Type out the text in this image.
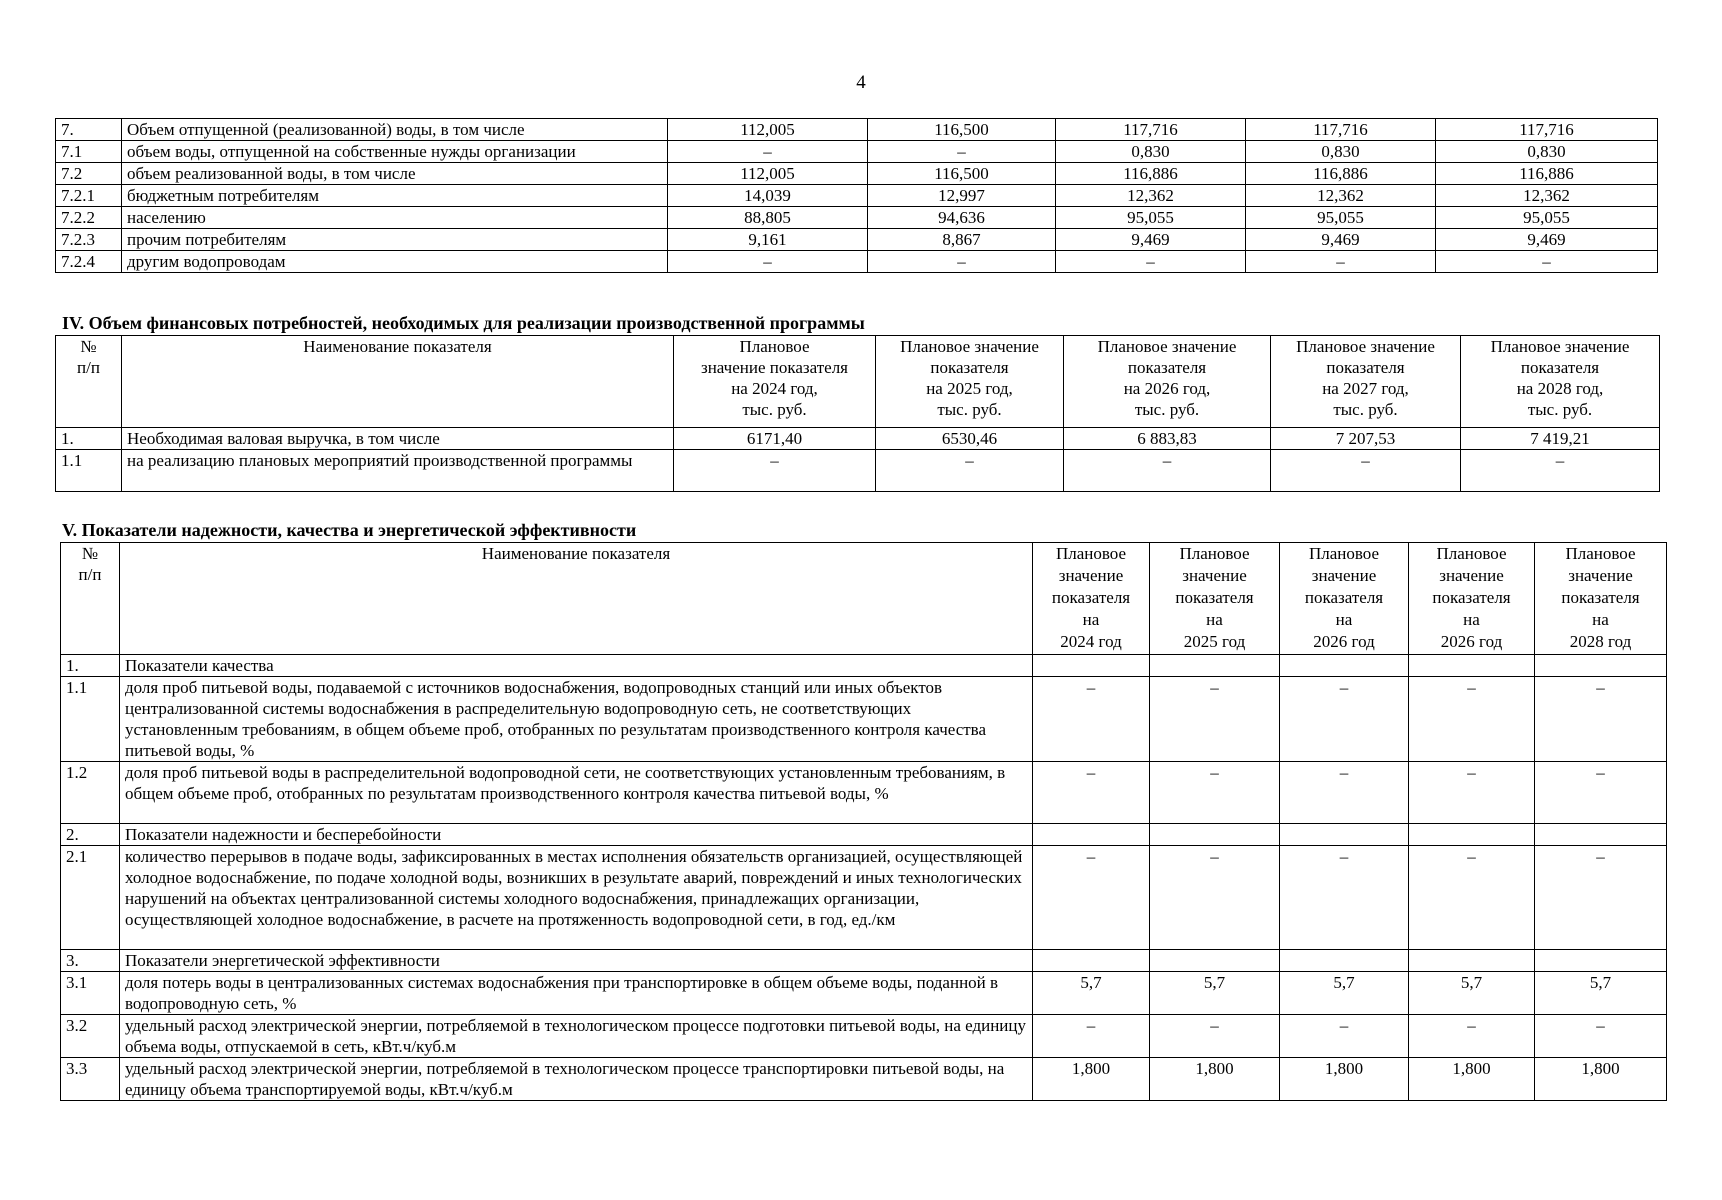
4
7.	Объем отпущенной (реализованной) воды, в том числе	112,005	116,500	117,716	117,716	117,716
7.1	объем воды, отпущенной на собственные нужды организации	–	–	0,830	0,830	0,830
7.2	объем реализованной воды, в том числе	112,005	116,500	116,886	116,886	116,886
7.2.1	бюджетным потребителям	14,039	12,997	12,362	12,362	12,362
7.2.2	населению	88,805	94,636	95,055	95,055	95,055
7.2.3	прочим потребителям	9,161	8,867	9,469	9,469	9,469
7.2.4	другим водопроводам	–	–	–	–	–
IV. Объем финансовых потребностей, необходимых для реализации производственной программы
№
п/п	Наименование показателя	Плановое
значение показателя
на 2024 год,
тыс. руб.	Плановое значение
показателя
на 2025 год,
тыс. руб.	Плановое значение
показателя
на 2026 год,
тыс. руб.	Плановое значение
показателя
на 2027 год,
тыс. руб.	Плановое значение
показателя
на 2028 год,
тыс. руб.
1.	Необходимая валовая выручка, в том числе	6171,40	6530,46	6 883,83	7 207,53	7 419,21
1.1	на реализацию плановых мероприятий производственной программы	–	–	–	–	–
V. Показатели надежности, качества и энергетической эффективности
№
п/п	Наименование показателя	Плановое
значение
показателя
на
2024 год	Плановое
значение
показателя
на
2025 год	Плановое
значение
показателя
на
2026 год	Плановое
значение
показателя
на
2026 год	Плановое
значение
показателя
на
2028 год
1.	Показатели качества					
1.1	доля проб питьевой воды, подаваемой с источников водоснабжения, водопроводных станций или иных объектов централизованной системы водоснабжения в распределительную водопроводную сеть, не соответствующих установленным требованиям, в общем объеме проб, отобранных по результатам производственного контроля качества питьевой воды, %	–	–	–	–	–
1.2	доля проб питьевой воды в распределительной водопроводной сети, не соответствующих установленным требованиям, в общем объеме проб, отобранных по результатам производственного контроля качества питьевой воды, %	–	–	–	–	–
2.	Показатели надежности и бесперебойности					
2.1	количество перерывов в подаче воды, зафиксированных в местах исполнения обязательств организацией, осуществляющей холодное водоснабжение, по подаче холодной воды, возникших в результате аварий, повреждений и иных технологических нарушений на объектах централизованной системы холодного водоснабжения, принадлежащих организации, осуществляющей холодное водоснабжение, в расчете на протяженность водопроводной сети, в год, ед./км	–	–	–	–	–
3.	Показатели энергетической эффективности					
3.1	доля потерь воды в централизованных системах водоснабжения при транспортировке в общем объеме воды, поданной в водопроводную сеть, %	5,7	5,7	5,7	5,7	5,7
3.2	удельный расход электрической энергии, потребляемой в технологическом процессе подготовки питьевой воды, на единицу объема воды, отпускаемой в сеть, кВт.ч/куб.м	–	–	–	–	–
3.3	удельный расход электрической энергии, потребляемой в технологическом процессе транспортировки питьевой воды, на единицу объема транспортируемой воды, кВт.ч/куб.м	1,800	1,800	1,800	1,800	1,800
